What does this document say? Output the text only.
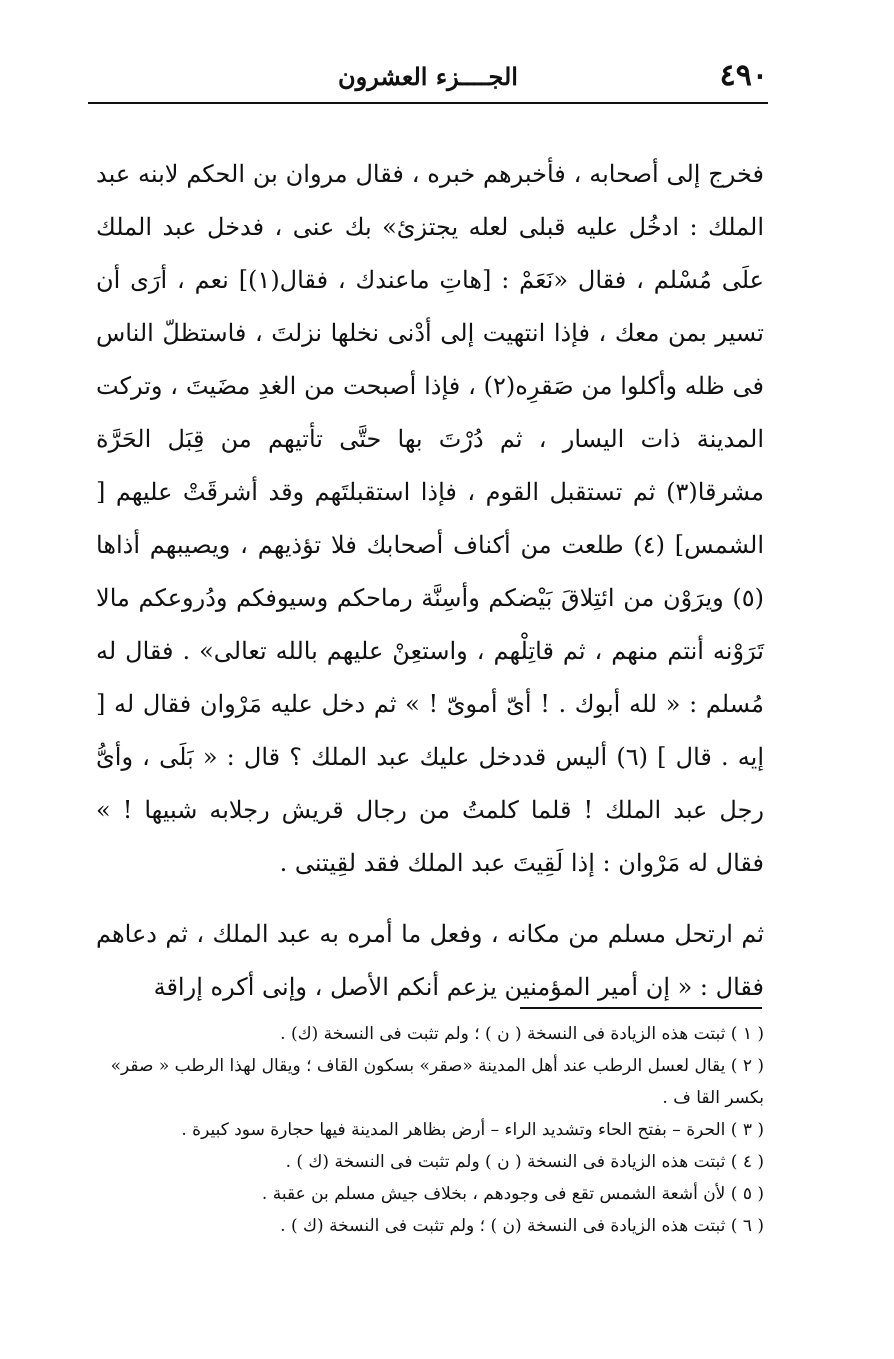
٤٩٠
الجــــزء العشرون

فخرج إلى أصحابه ، فأخبرهم خبره ، فقال مروان بن الحكم لابنه عبد الملك : ادخُل عليه قبلى لعله يجتزئ» بك عنى ، فدخل عبد الملك علَى مُسْلم ، فقال «نَعَمْ : [هاتِ ماعندك ، فقال(١)] نعم ، أرَى أن تسير بمن معك ، فإذا انتهيت إلى أدْنى نخلها نزلتَ ، فاستظلّ الناس فى ظله وأكلوا من صَقرِه(٢) ، فإذا أصبحت من الغدِ مضَيتَ ، وتركت المدينة ذات اليسار ، ثم دُرْتَ بها حتَّى تأتيهم من قِبَل الحَرَّة مشرقا(٣) ثم تستقبل القوم ، فإذا استقبلتَهم وقد أشرقَتْ عليهم [ الشمس] (٤) طلعت من أكناف أصحابك فلا تؤذيهم ، ويصيبهم أذاها (٥) ويرَوْن من ائتِلاقَ بَيْضكم وأسِنَّة رماحكم وسيوفكم ودُروعكم مالا تَرَوْنه أنتم منهم ، ثم قاتِلْهم ، واستعِنْ عليهم بالله تعالى» . فقال له مُسلم : « لله أبوك . ! أىّ أموىّ ! » ثم دخل عليه مَرْوان فقال له [ إيه . قال ] (٦) أليس قددخل عليك عبد الملك ؟ قال : « بَلَى ، وأىُّ رجل عبد الملك ! قلما كلمتُ من رجال قريش رجلابه شبيها ! » فقال له مَرْوان : إذا لَقِيتَ عبد الملك فقد لقِيتنى .

ثم ارتحل مسلم من مكانه ، وفعل ما أمره به عبد الملك ، ثم دعاهم فقال : « إن أمير المؤمنين يزعم أنكم الأصل ، وإنى أكره إراقة

( ١ ) ثبتت هذه الزيادة فى النسخة ( ن ) ؛ ولم تثبت فى النسخة (ك) .

( ٢ ) يقال لعسل الرطب عند أهل المدينة «صقر» بسكون القاف ؛ ويقال لهذا الرطب « صقر» بكسر القا ف .

( ٣ ) الحرة – بفتح الحاء وتشديد الراء – أرض بظاهر المدينة فيها حجارة سود كبيرة .

( ٤ ) ثبتت هذه الزيادة فى النسخة ( ن ) ولم تثبت فى النسخة (ك ) .

( ٥ ) لأن أشعة الشمس تقع فى وجودهم ، بخلاف جيش مسلم بن عقبة .

( ٦ ) ثبتت هذه الزيادة فى النسخة (ن ) ؛ ولم تثبت فى النسخة (ك ) .
